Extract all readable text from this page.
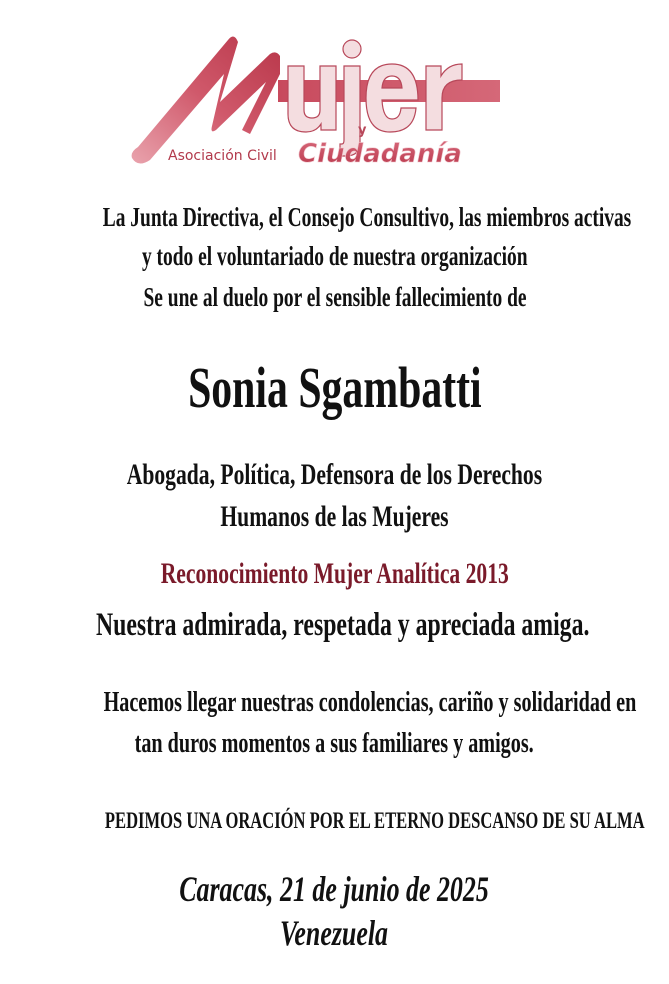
y
Asociación Civil Ciudadanía
La Junta Directiva, el Consejo Consultivo, las miembros activas
y todo el voluntariado de nuestra organización
Se une al duelo por el sensible fallecimiento de
Sonia Sgambatti
Abogada, Política, Defensora de los Derechos
Humanos de las Mujeres
Reconocimiento Mujer Analítica 2013
Nuestra admirada, respetada y apreciada amiga.
Hacemos llegar nuestras condolencias, cariño y solidaridad en
tan duros momentos a sus familiares y amigos.
PEDIMOS UNA ORACIÓN POR EL ETERNO DESCANSO DE SU ALMA
Caracas, 21 de junio de 2025
Venezuela
